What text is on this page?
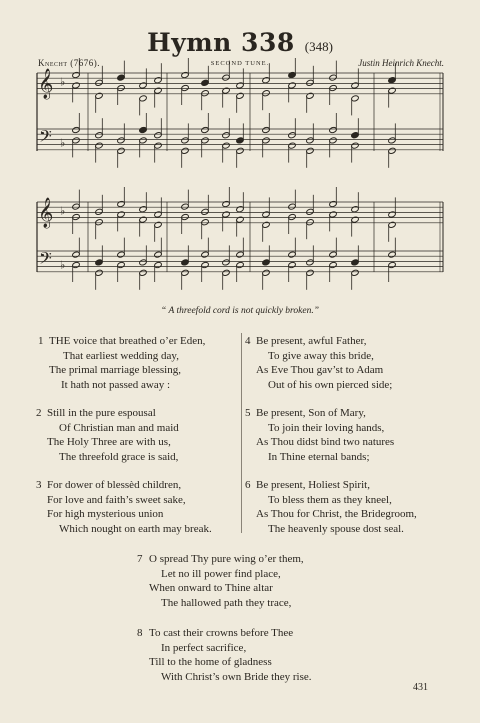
Hymn 338 (348)
Knecht (7676).	SECOND TUNE.	Justin Heinrich Knecht.
𝄞
𝄞
𝄢
𝄢
♭
♭
♭
♭
“ A threefold cord is not quickly broken.”
1 THE voice that breathed o’er Eden,
That earliest wedding day,
The primal marriage blessing,
It hath not passed away :
2 Still in the pure espousal
Of Christian man and maid
The Holy Three are with us,
The threefold grace is said,
3 For dower of blessèd children,
For love and faith’s sweet sake,
For high mysterious union
Which nought on earth may break.
4 Be present, awful Father,
To give away this bride,
As Eve Thou gav’st to Adam
Out of his own pierced side;
5 Be present, Son of Mary,
To join their loving hands,
As Thou didst bind two natures
In Thine eternal bands;
6 Be present, Holiest Spirit,
To bless them as they kneel,
As Thou for Christ, the Bridegroom,
The heavenly spouse dost seal.
7 O spread Thy pure wing o’er them,
Let no ill power find place,
When onward to Thine altar
The hallowed path they trace,
8 To cast their crowns before Thee
In perfect sacrifice,
Till to the home of gladness
With Christ’s own Bride they rise.
431
